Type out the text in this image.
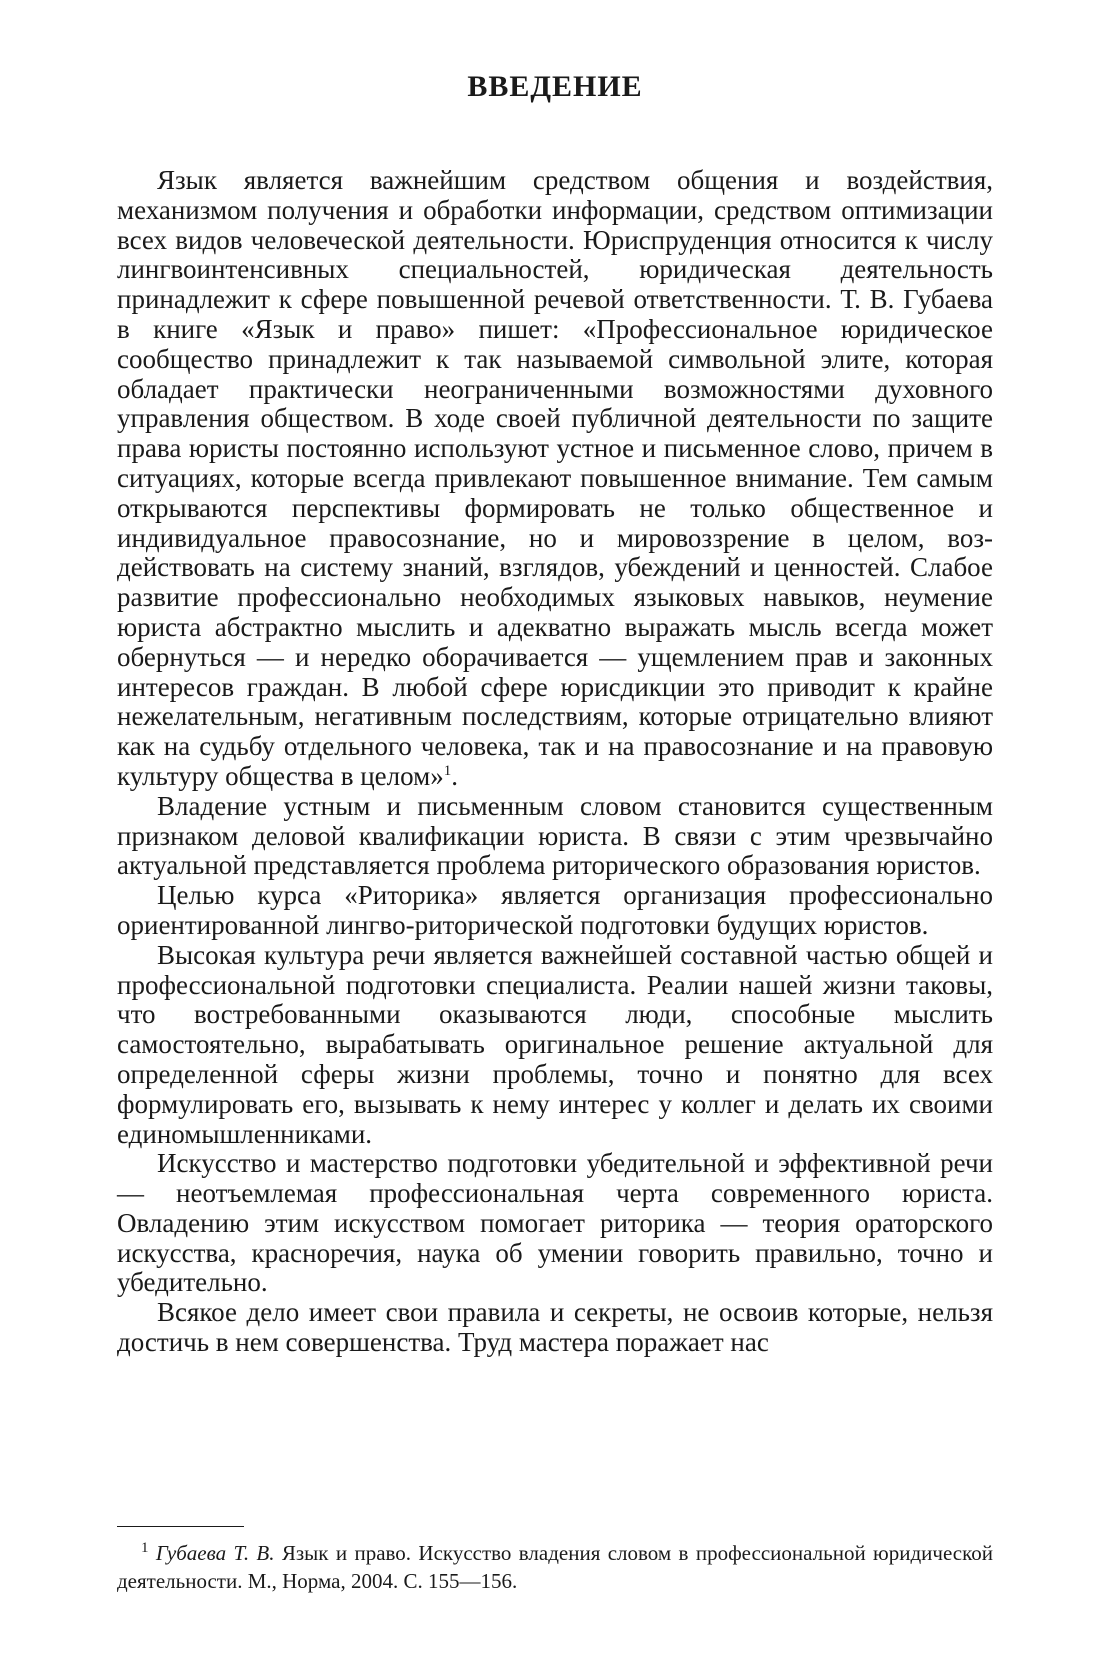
ВВЕДЕНИЕ

Язык является важнейшим средством общения и воздействия, механизмом получения и обработки информации, средством оптимизации всех видов человеческой деятельности. Юриспруденция относится к числу лингвоинтенсивных специальностей, юридическая деятельность принадлежит к сфере повышенной речевой ответственности. Т. В. Губаева в книге «Язык и право» пишет: «Профессиональное юридическое сообщество принадлежит к так называемой символьной элите, которая обладает практически неограниченными возможностями духовного управления обществом. В ходе своей публичной деятельности по защите права юристы постоянно используют устное и письменное слово, причем в ситуациях, которые всегда привлекают повышенное внимание. Тем самым открываются перспективы формировать не только общественное и индивидуальное правосознание, но и мировоззрение в целом, воздействовать на систему знаний, взглядов, убеждений и ценностей. Слабое развитие профессионально необходимых языковых навыков, неумение юриста абстрактно мыслить и адекватно выражать мысль всегда может обернуться — и нередко оборачивается — ущемлением прав и законных интересов граждан. В любой сфере юрисдикции это приводит к крайне нежелательным, негативным последствиям, которые отрицательно влияют как на судьбу отдельного человека, так и на правосознание и на правовую культуру общества в целом»$^1$.

Владение устным и письменным словом становится существенным признаком деловой квалификации юриста. В связи с этим чрезвычайно актуальной представляется проблема риторического образования юристов.

Целью курса «Риторика» является организация профессионально ориентированной лингво-риторической подготовки будущих юристов.

Высокая культура речи является важнейшей составной частью общей и профессиональной подготовки специалиста. Реалии нашей жизни таковы, что востребованными оказываются люди, способные мыслить самостоятельно, вырабатывать оригинальное решение актуальной для определенной сферы жизни проблемы, точно и понятно для всех формулировать его, вызывать к нему интерес у коллег и делать их своими единомышленниками.

Искусство и мастерство подготовки убедительной и эффективной речи — неотъемлемая профессиональная черта современного юриста. Овладению этим искусством помогает риторика — теория ораторского искусства, красноречия, наука об умении говорить правильно, точно и убедительно.

Всякое дело имеет свои правила и секреты, не освоив которые, нельзя достичь в нем совершенства. Труд мастера поражает нас

$^1$ Губаева Т. В. Язык и право. Искусство владения словом в профессиональной юридической деятельности. М., Норма, 2004. С. 155—156.
